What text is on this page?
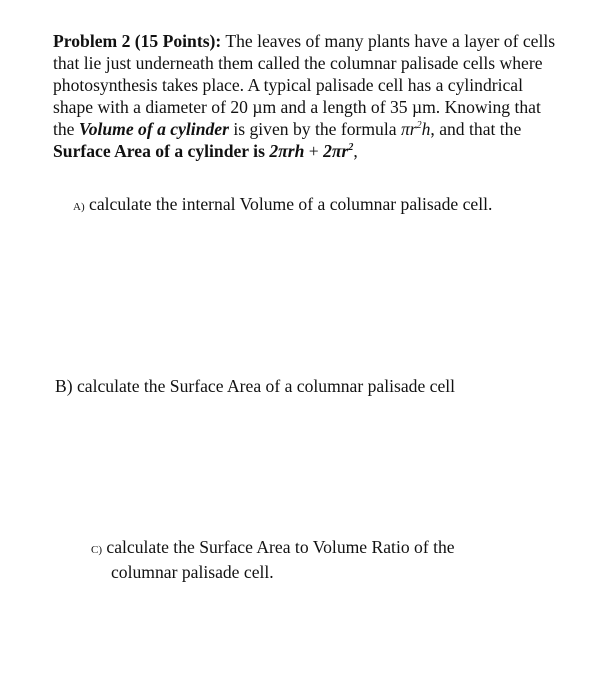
Problem 2 (15 Points): The leaves of many plants have a layer of cells that lie just underneath them called the columnar palisade cells where photosynthesis takes place. A typical palisade cell has a cylindrical shape with a diameter of 20 µm and a length of 35 µm. Knowing that the Volume of a cylinder is given by the formula $\pi r^2h$, and that the Surface Area of a cylinder is $2\pi rh + 2\pi r^2$,

A) calculate the internal Volume of a columnar palisade cell.
B) calculate the Surface Area of a columnar palisade cell
C) calculate the Surface Area to Volume Ratio of the
columnar palisade cell.
